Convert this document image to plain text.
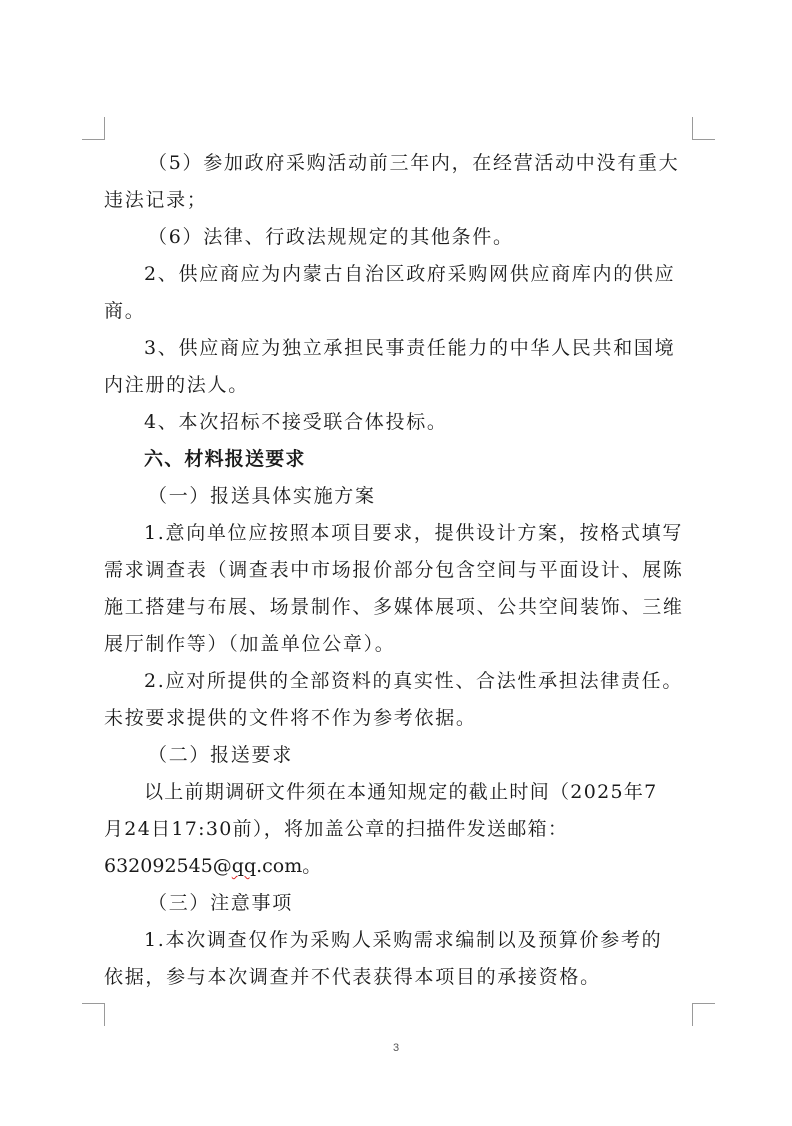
（5）参加政府采购活动前三年内，在经营活动中没有重大
违法记录；
（6）法律、行政法规规定的其他条件。
2、供应商应为内蒙古自治区政府采购网供应商库内的供应
商。
3、供应商应为独立承担民事责任能力的中华人民共和国境
内注册的法人。
4、本次招标不接受联合体投标。
六、材料报送要求
（一）报送具体实施方案
1.意向单位应按照本项目要求，提供设计方案，按格式填写
需求调查表（调查表中市场报价部分包含空间与平面设计、展陈
施工搭建与布展、场景制作、多媒体展项、公共空间装饰、三维
展厅制作等）（加盖单位公章）。
2.应对所提供的全部资料的真实性、合法性承担法律责任。
未按要求提供的文件将不作为参考依据。
（二）报送要求
以上前期调研文件须在本通知规定的截止时间（2025年7
月24日17:30前），将加盖公章的扫描件发送邮箱：
632092545@qq.com。
（三）注意事项
1.本次调查仅作为采购人采购需求编制以及预算价参考的
依据，参与本次调查并不代表获得本项目的承接资格。
3
